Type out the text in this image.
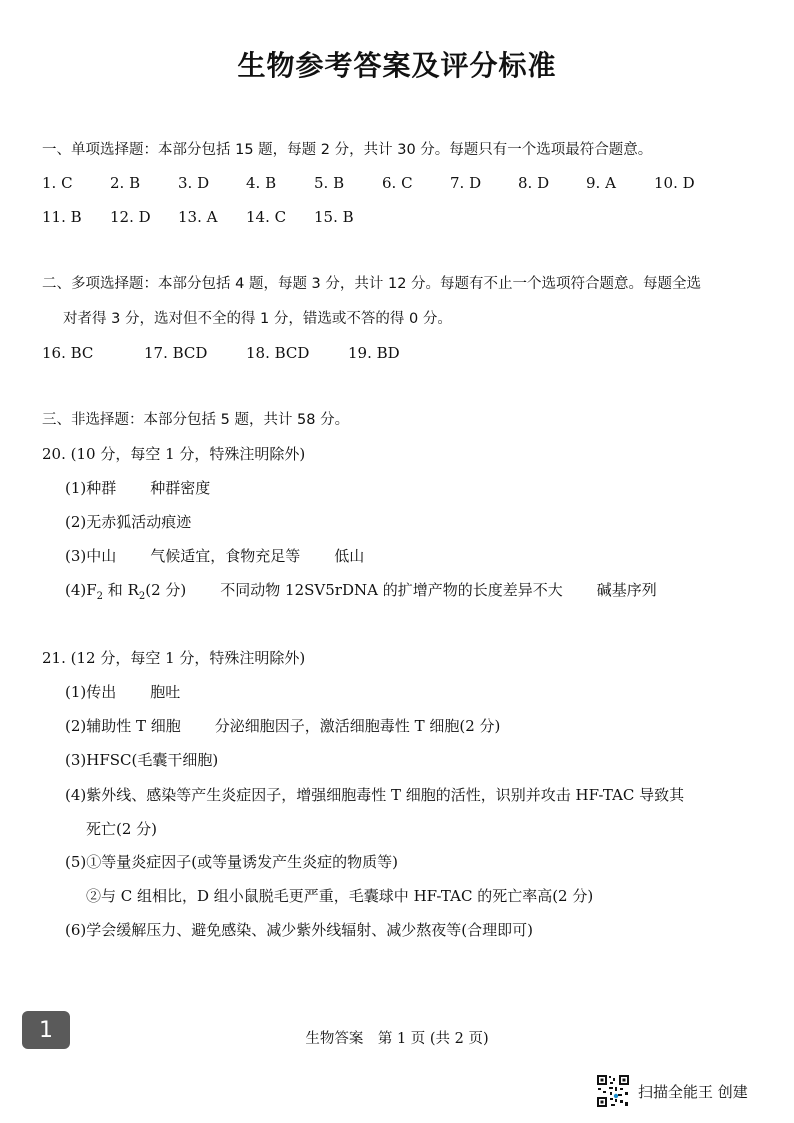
生物参考答案及评分标准
一、单项选择题：本部分包括 15 题，每题 2 分，共计 30 分。每题只有一个选项最符合题意。
1. C 2. B	3. D 4. B	5. B	6. C 7. D 8. D 9. A	10. D
11. B 12. D 13. A 14. C 15. B
二、多项选择题：本部分包括 4 题，每题 3 分，共计 12 分。每题有不止一个选项符合题意。每题全选
对者得 3 分，选对但不全的得 1 分，错选或不答的得 0 分。
16. BC	17. BCD	18. BCD	19. BD
三、非选择题：本部分包括 5 题，共计 58 分。
20. (10 分，每空 1 分，特殊注明除外)
(1)种群 种群密度
(2)无赤狐活动痕迹
(3)中山 气候适宜，食物充足等 低山
$(4)F_2$ 和 $R_2(2$ 分) 不同动物 12SV5rDNA 的扩增产物的长度差异不大 碱基序列
21. (12 分，每空 1 分，特殊注明除外)
(1)传出 胞吐
(2)辅助性 T 细胞 分泌细胞因子，激活细胞毒性 T 细胞(2 分)
(3)HFSC(毛囊干细胞)
(4)紫外线、感染等产生炎症因子，增强细胞毒性 T 细胞的活性，识别并攻击 HF-TAC 导致其
死亡(2 分)
(5)①等量炎症因子(或等量诱发产生炎症的物质等)
②与 C 组相比，D 组小鼠脱毛更严重，毛囊球中 HF-TAC 的死亡率高(2 分)
(6)学会缓解压力、避免感染、减少紫外线辐射、减少熬夜等(合理即可)
1	生物答案　第 1 页 (共 2 页)
扫描全能王 创建
